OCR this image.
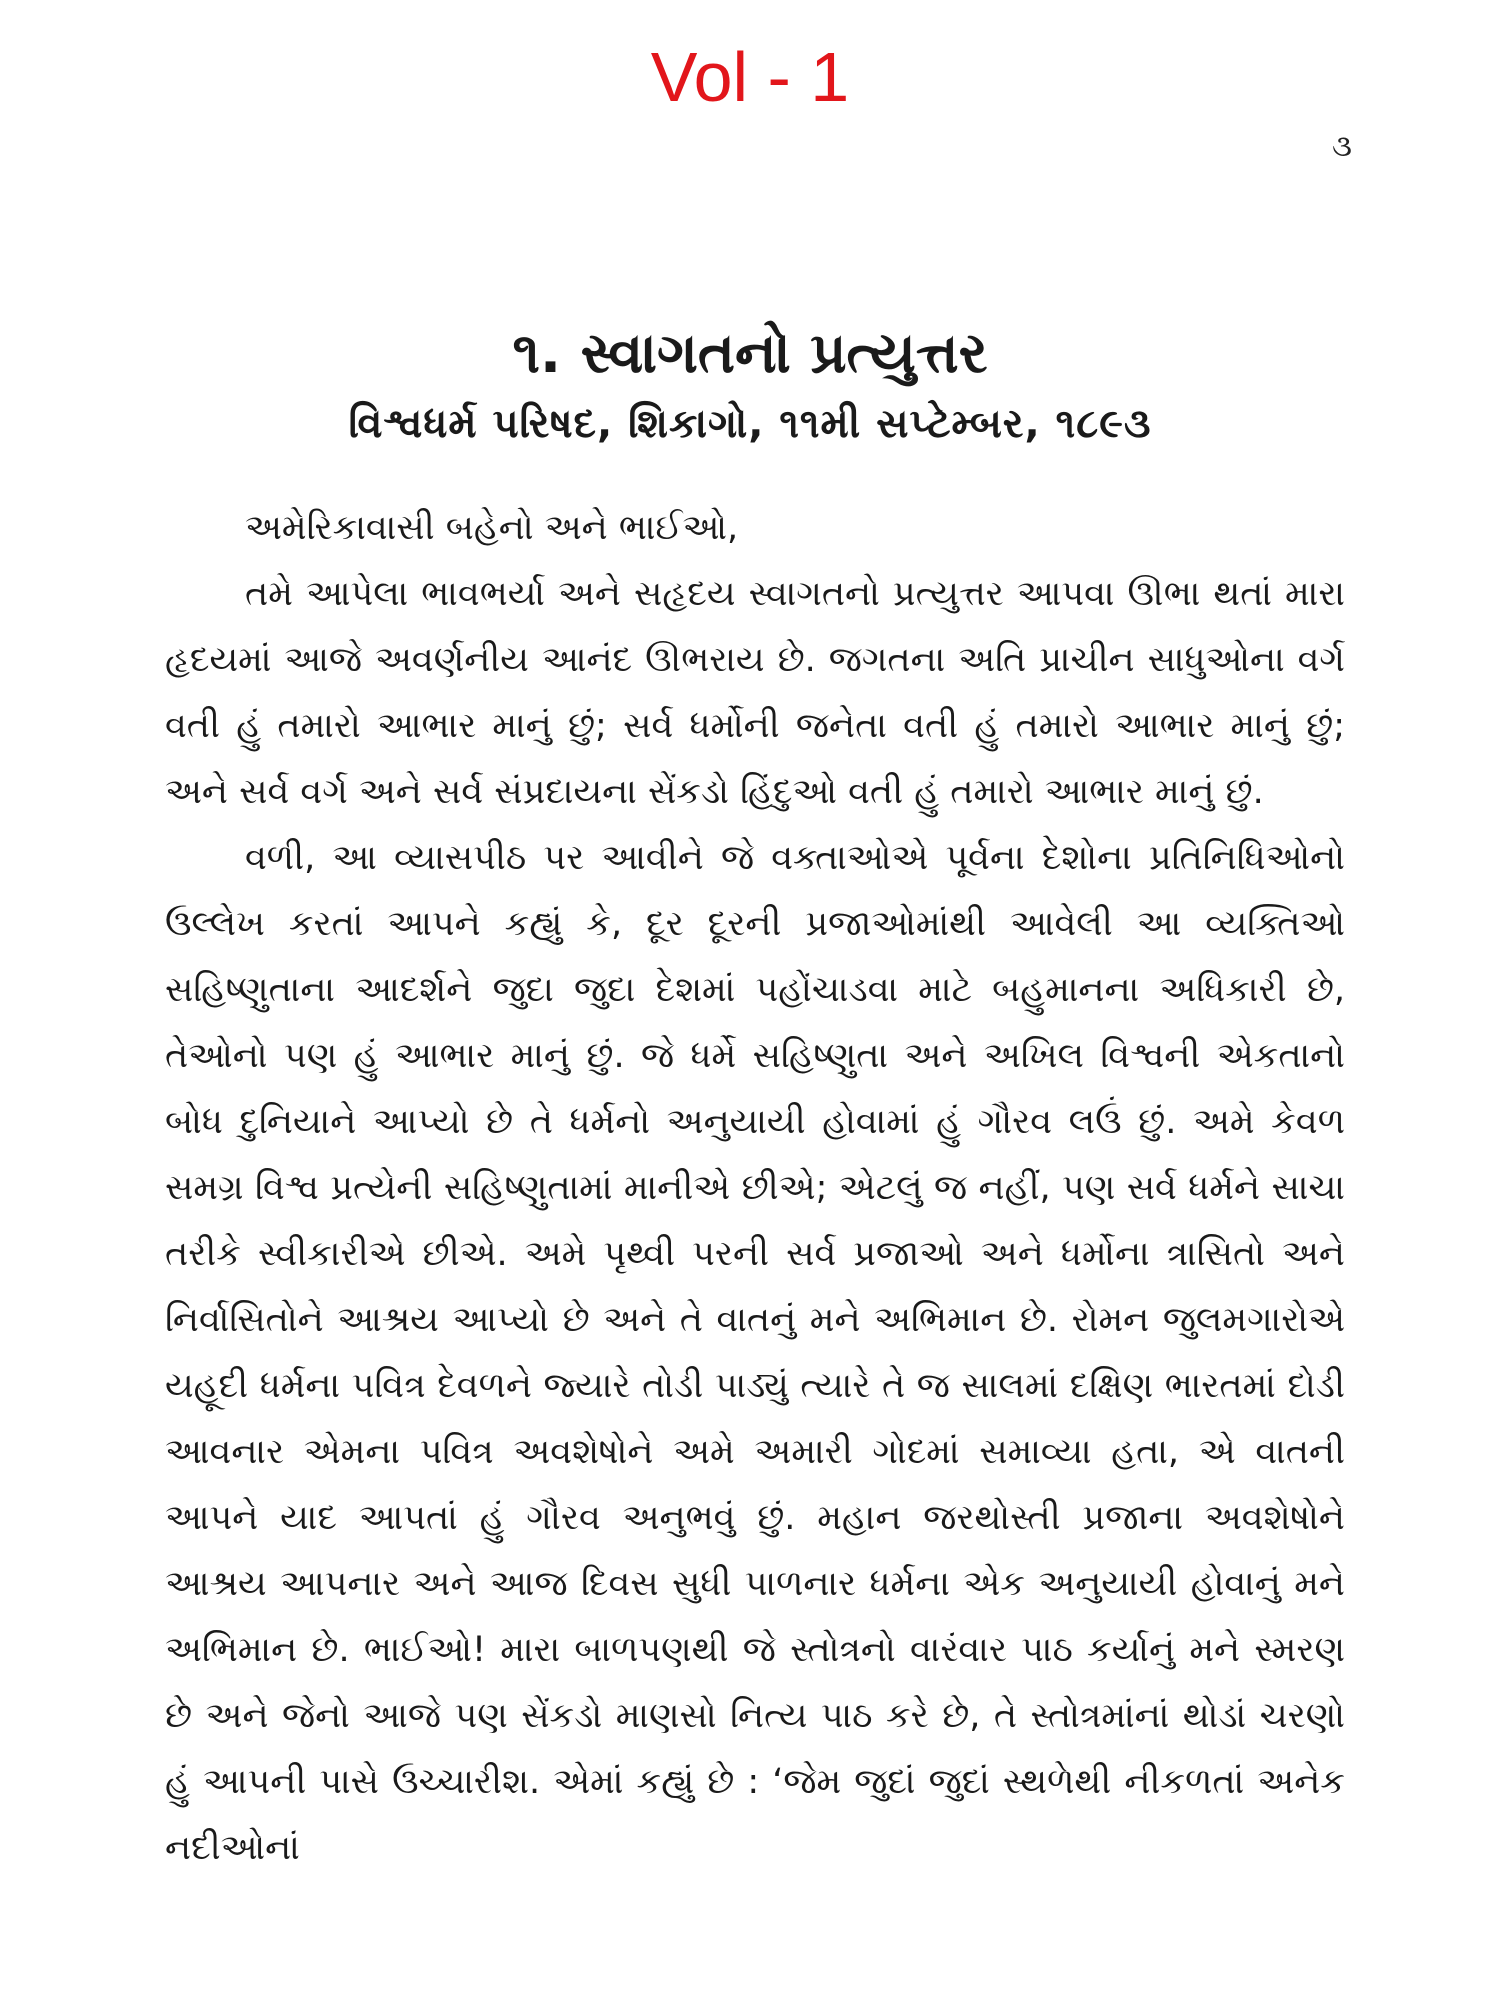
Vol - 1
૩
૧. સ્વાગતનો પ્રત્યુત્તર
વિશ્વધર્મ પરિષદ, શિકાગો, ૧૧મી સપ્ટેમ્બર, ૧૮૯૩

અમેરિકાવાસી બહેનો અને ભાઈઓ,

તમે આપેલા ભાવભર્યા અને સહૃદય સ્વાગતનો પ્રત્યુત્તર આપવા ઊભા થતાં મારા હૃદયમાં આજે અવર્ણનીય આનંદ ઊભરાય છે. જગતના અતિ પ્રાચીન સાધુઓના વર્ગ વતી હું તમારો આભાર માનું છું; સર્વ ધર્મોની જનેતા વતી હું તમારો આભાર માનું છું; અને સર્વ વર્ગ અને સર્વ સંપ્રદાયના સેંકડો હિંદુઓ વતી હું તમારો આભાર માનું છું.

વળી, આ વ્યાસપીઠ પર આવીને જે વક્તાઓએ પૂર્વના દેશોના પ્રતિનિધિઓનો ઉલ્લેખ કરતાં આપને કહ્યું કે, દૂર દૂરની પ્રજાઓમાંથી આવેલી આ વ્યક્તિઓ સહિષ્ણુતાના આદર્શને જુદા જુદા દેશમાં પહોંચાડવા માટે બહુમાનના અધિકારી છે, તેઓનો પણ હું આભાર માનું છું. જે ધર્મે સહિષ્ણુતા અને અખિલ વિશ્વની એકતાનો બોધ દુનિયાને આપ્યો છે તે ધર્મનો અનુયાયી હોવામાં હું ગૌરવ લઉં છું. અમે કેવળ સમગ્ર વિશ્વ પ્રત્યેની સહિષ્ણુતામાં માનીએ છીએ; એટલું જ નહીં, પણ સર્વ ધર્મને સાચા તરીકે સ્વીકારીએ છીએ. અમે પૃથ્વી પરની સર્વ પ્રજાઓ અને ધર્મોના ત્રાસિતો અને નિર્વાસિતોને આશ્રય આપ્યો છે અને તે વાતનું મને અભિમાન છે. રોમન જુલમગારોએ યહૂદી ધર્મના પવિત્ર દેવળને જ્યારે તોડી પાડ્યું ત્યારે તે જ સાલમાં દક્ષિણ ભારતમાં દોડી આવનાર એમના પવિત્ર અવશેષોને અમે અમારી ગોદમાં સમાવ્યા હતા, એ વાતની આપને યાદ આપતાં હું ગૌરવ અનુભવું છું. મહાન જરથોસ્તી પ્રજાના અવશેષોને આશ્રય આપનાર અને આજ દિવસ સુધી પાળનાર ધર્મના એક અનુયાયી હોવાનું મને અભિમાન છે. ભાઈઓ! મારા બાળપણથી જે સ્તોત્રનો વારંવાર પાઠ કર્યાનું મને સ્મરણ છે અને જેનો આજે પણ સેંકડો માણસો નિત્ય પાઠ કરે છે, તે સ્તોત્રમાંનાં થોડાં ચરણો હું આપની પાસે ઉચ્ચારીશ. એમાં કહ્યું છે : ‘જેમ જુદાં જુદાં સ્થળેથી નીકળતાં અનેક નદીઓનાં
